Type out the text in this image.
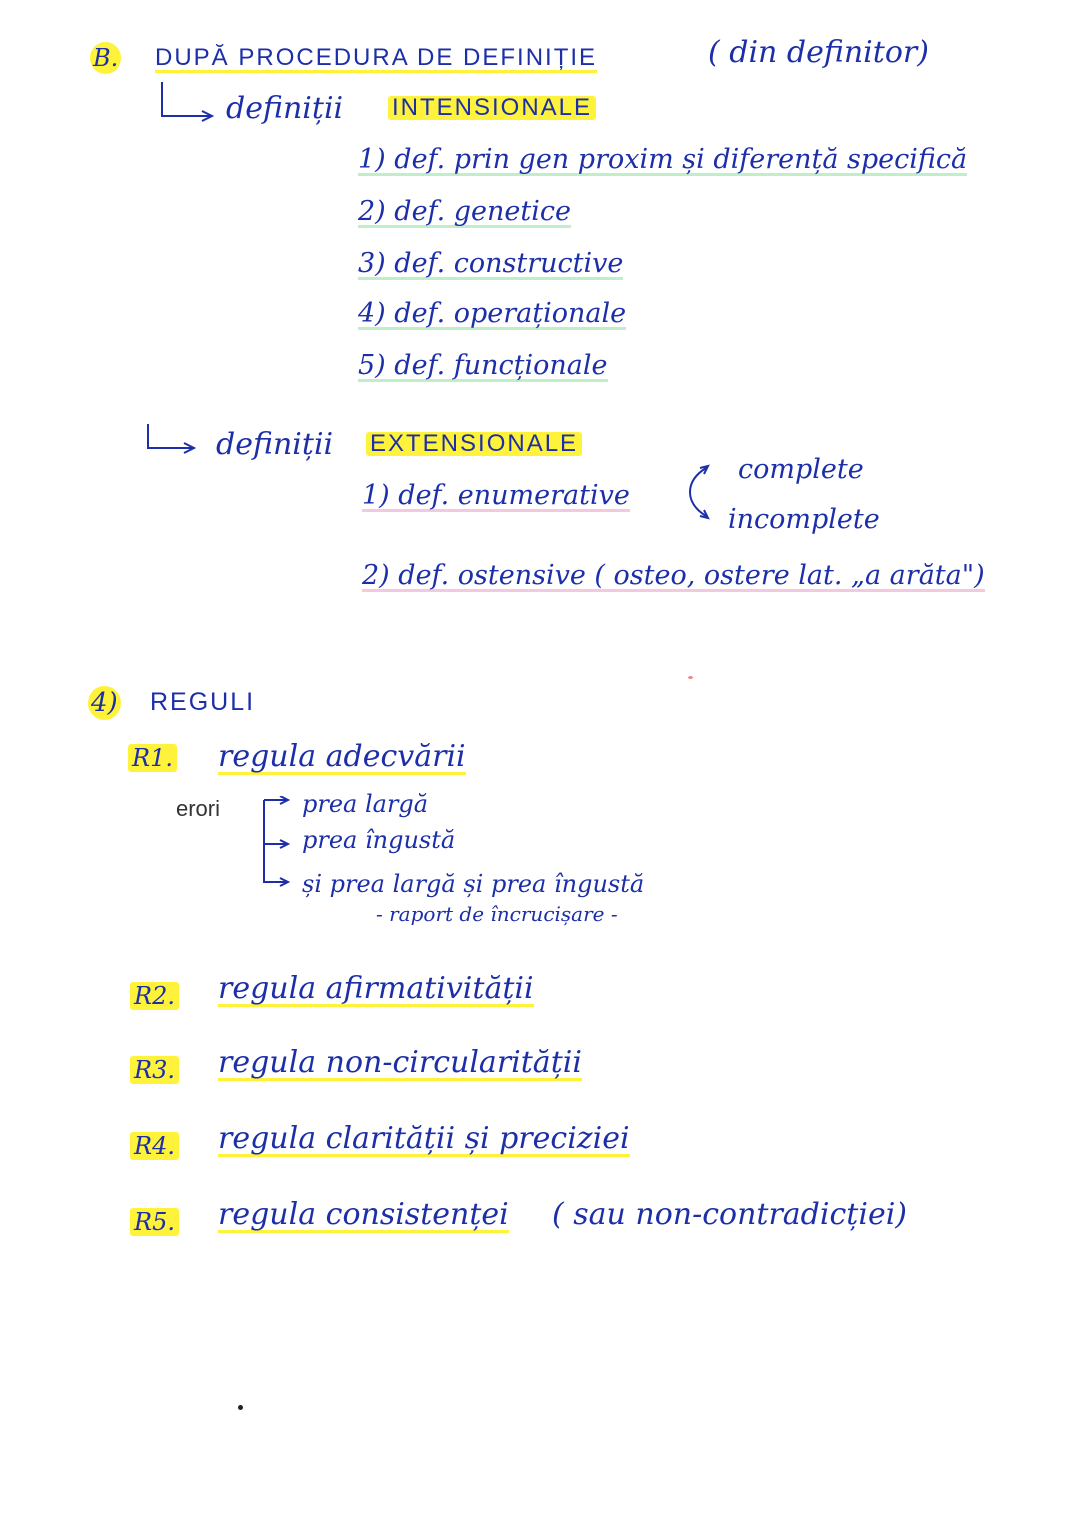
B. DUPĂ PROCEDURA DE DEFINIȚIE	( din definitor)
definiții INTENSIONALE
1) def. prin gen proxim și diferență specifică
2) def. genetice
3) def. constructive
4) def. operaționale
5) def. funcționale
definiții EXTENSIONALE
1) def. enumerative
complete
incomplete
2) def. ostensive ( osteo, ostere lat. „a arăta")
4) REGULI
R1. regula adecvării
erori	prea largă
prea îngustă
și prea largă și prea îngustă
- raport de încrucișare -
R2. regula afirmativității
R3. regula non-circularității
R4. regula clarității și preciziei
R5. regula consistenței ( sau non-contradicției)
